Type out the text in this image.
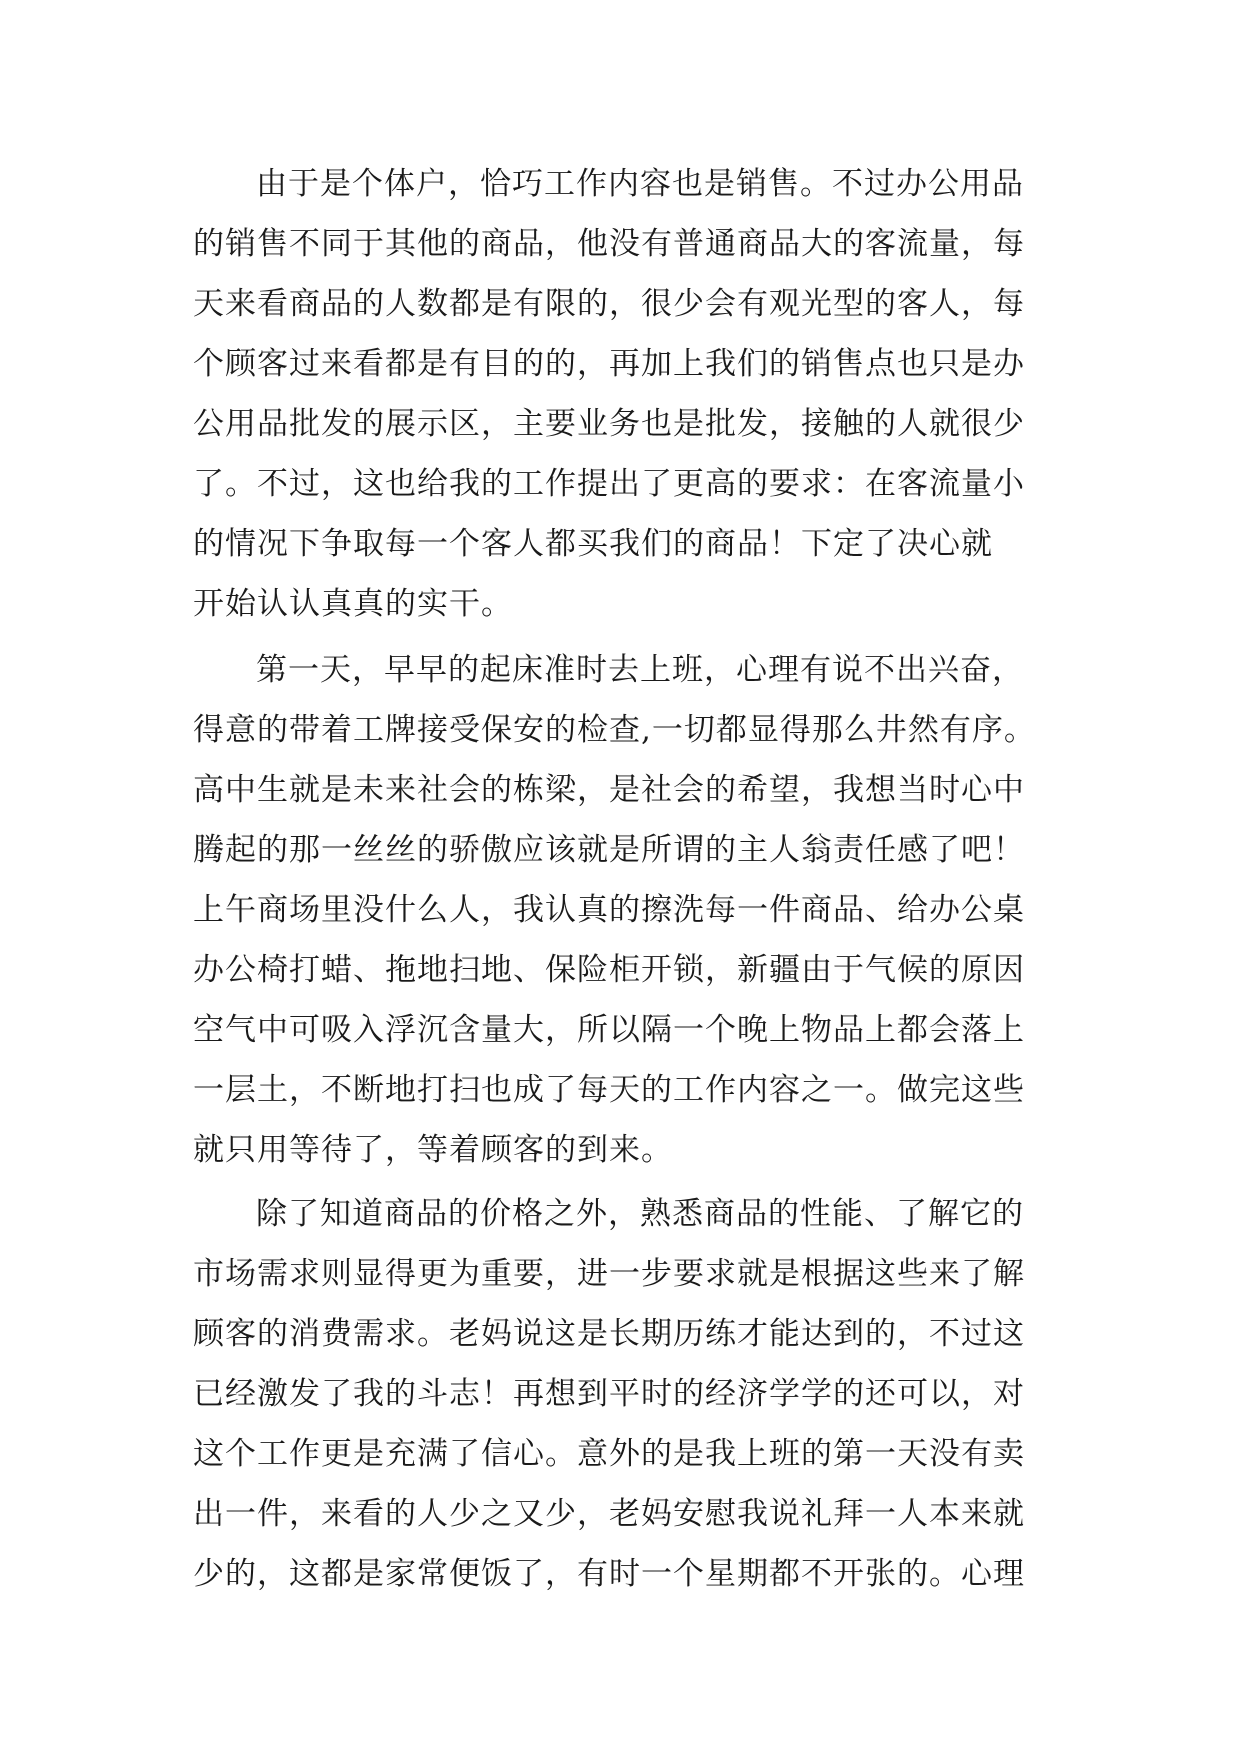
由于是个体户，恰巧工作内容也是销售。不过办公用品
的销售不同于其他的商品，他没有普通商品大的客流量，每
天来看商品的人数都是有限的，很少会有观光型的客人，每
个顾客过来看都是有目的的，再加上我们的销售点也只是办
公用品批发的展示区，主要业务也是批发，接触的人就很少
了。不过，这也给我的工作提出了更高的要求：在客流量小
的情况下争取每一个客人都买我们的商品！下定了决心就
开始认认真真的实干。
第一天，早早的起床准时去上班，心理有说不出兴奋，
得意的带着工牌接受保安的检查,一切都显得那么井然有序。
高中生就是未来社会的栋梁，是社会的希望，我想当时心中
腾起的那一丝丝的骄傲应该就是所谓的主人翁责任感了吧！
上午商场里没什么人，我认真的擦洗每一件商品、给办公桌
办公椅打蜡、拖地扫地、保险柜开锁，新疆由于气候的原因
空气中可吸入浮沉含量大，所以隔一个晚上物品上都会落上
一层土，不断地打扫也成了每天的工作内容之一。做完这些
就只用等待了，等着顾客的到来。
除了知道商品的价格之外，熟悉商品的性能、了解它的
市场需求则显得更为重要，进一步要求就是根据这些来了解
顾客的消费需求。老妈说这是长期历练才能达到的，不过这
已经激发了我的斗志！再想到平时的经济学学的还可以，对
这个工作更是充满了信心。意外的是我上班的第一天没有卖
出一件，来看的人少之又少，老妈安慰我说礼拜一人本来就
少的，这都是家常便饭了，有时一个星期都不开张的。心理
